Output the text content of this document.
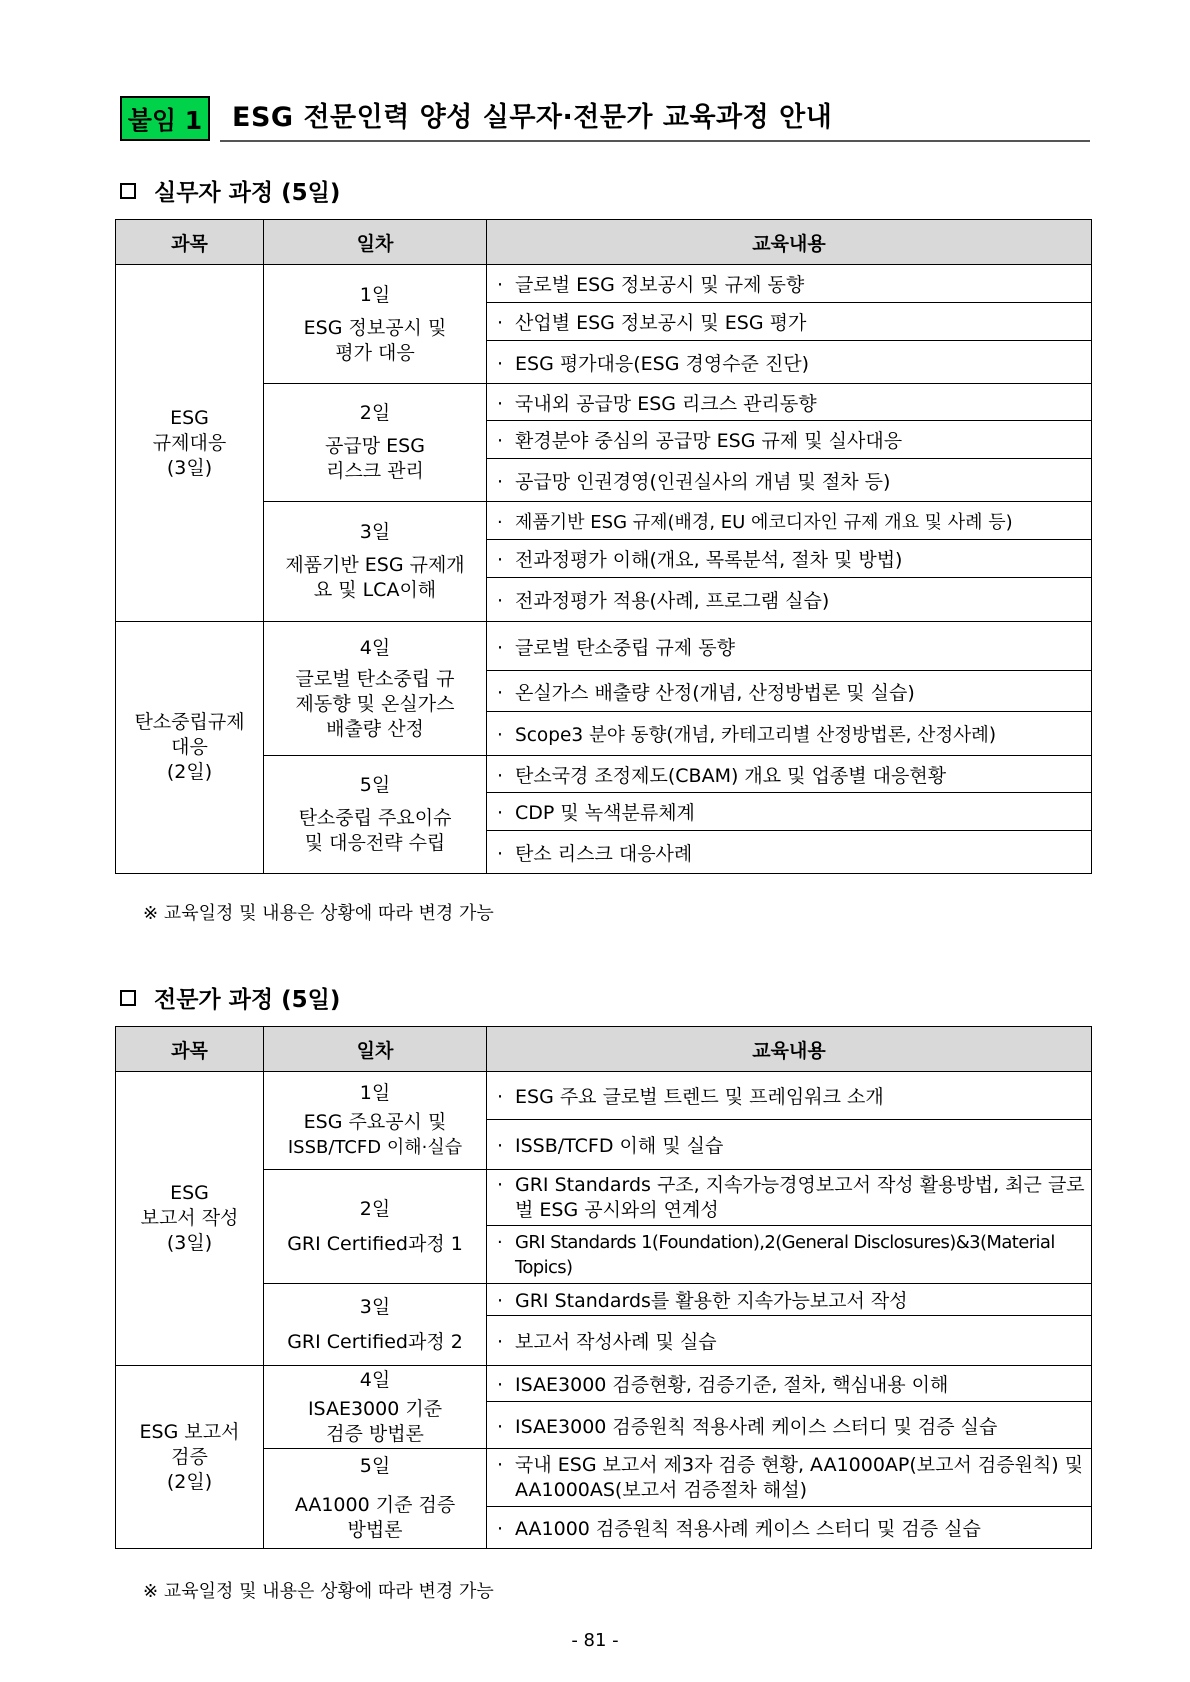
붙임 1 ESG 전문인력 양성 실무자·전문가 교육과정 안내
실무자 과정 (5일)
과목	일차	교육내용

ESG
규제대응
(3일)	1일
ESG 정보공시 및
평가 대응	· 글로벌 ESG 정보공시 및 규제 동향
		· 산업별 ESG 정보공시 및 ESG 평가
		· ESG 평가대응(ESG 경영수준 진단)

	2일
공급망 ESG
리스크 관리	· 국내외 공급망 ESG 리크스 관리동향
		· 환경분야 중심의 공급망 ESG 규제 및 실사대응
		· 공급망 인권경영(인권실사의 개념 및 절차 등)

	3일
제품기반 ESG 규제개
요 및 LCA이해	· 제품기반 ESG 규제(배경, EU 에코디자인 규제 개요 및 사례 등)
		· 전과정평가 이해(개요, 목록분석, 절차 및 방법)
		· 전과정평가 적용(사례, 프로그램 실습)

탄소중립규제
대응
(2일)	4일
글로벌 탄소중립 규
제동향 및 온실가스
배출량 산정	· 글로벌 탄소중립 규제 동향
		· 온실가스 배출량 산정(개념, 산정방법론 및 실습)
		· Scope3 분야 동향(개념, 카테고리별 산정방법론, 산정사례)

	5일
탄소중립 주요이슈
및 대응전략 수립	· 탄소국경 조정제도(CBAM) 개요 및 업종별 대응현황
		· CDP 및 녹색분류체계
		· 탄소 리스크 대응사례
※ 교육일정 및 내용은 상황에 따라 변경 가능
전문가 과정 (5일)
과목	일차	교육내용

ESG
보고서 작성
(3일)	1일
ESG 주요공시 및
ISSB/TCFD 이해·실습	· ESG 주요 글로벌 트렌드 및 프레임워크 소개
		· ISSB/TCFD 이해 및 실습

	2일
GRI Certified과정 1	· GRI Standards 구조, 지속가능경영보고서 작성 활용방법, 최근 글로벌 ESG 공시와의 연계성

		· GRI Standards 1(Foundation),2(General Disclosures)&3(Material Topics)

	3일
GRI Certified과정 2	· GRI Standards를 활용한 지속가능보고서 작성
		· 보고서 작성사례 및 실습

ESG 보고서
검증
(2일)	4일
ISAE3000 기준
검증 방법론	· ISAE3000 검증현황, 검증기준, 절차, 핵심내용 이해
		· ISAE3000 검증원칙 적용사례 케이스 스터디 및 검증 실습

	5일
AA1000 기준 검증
방법론	· 국내 ESG 보고서 제3자 검증 현황, AA1000AP(보고서 검증원칙) 및 AA1000AS(보고서 검증절차 해설)

		· AA1000 검증원칙 적용사례 케이스 스터디 및 검증 실습
※ 교육일정 및 내용은 상황에 따라 변경 가능
- 81 -
